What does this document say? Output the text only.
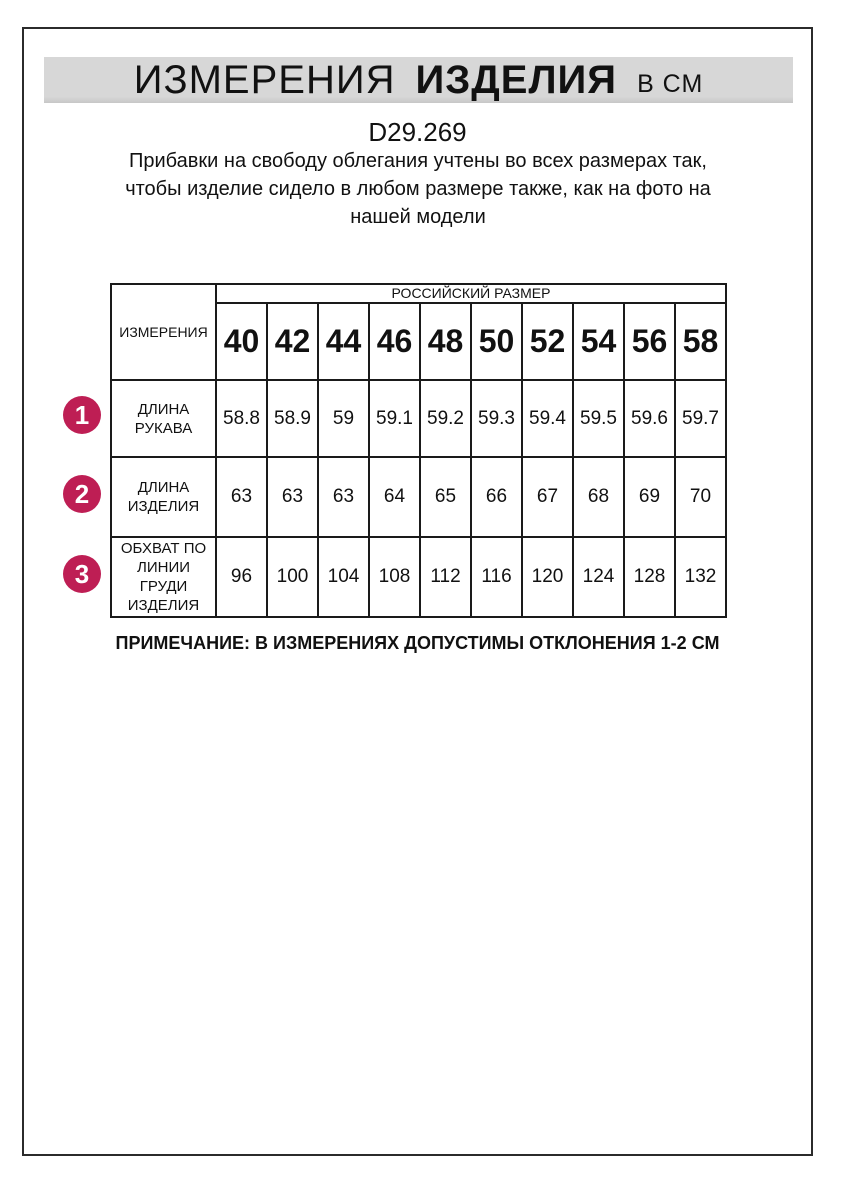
ИЗМЕРЕНИЯ ИЗДЕЛИЯ В СМ
D29.269
Прибавки на свободу облегания учтены во всех размерах так, чтобы изделие сидело в любом размере также, как на фото на нашей модели
ИЗМЕРЕНИЯ	РОССИЙСКИЙ РАЗМЕР									
	40	42	44	46	48	50	52	54	56	58
ДЛИНА РУКАВА	58.8	58.9	59	59.1	59.2	59.3	59.4	59.5	59.6	59.7
ДЛИНА ИЗДЕЛИЯ	63	63	63	64	65	66	67	68	69	70
ОБХВАТ ПО ЛИНИИ ГРУДИ ИЗДЕЛИЯ	96	100	104	108	112	116	120	124	128	132
1
2
3
ПРИМЕЧАНИЕ: В ИЗМЕРЕНИЯХ ДОПУСТИМЫ ОТКЛОНЕНИЯ 1-2 СМ
